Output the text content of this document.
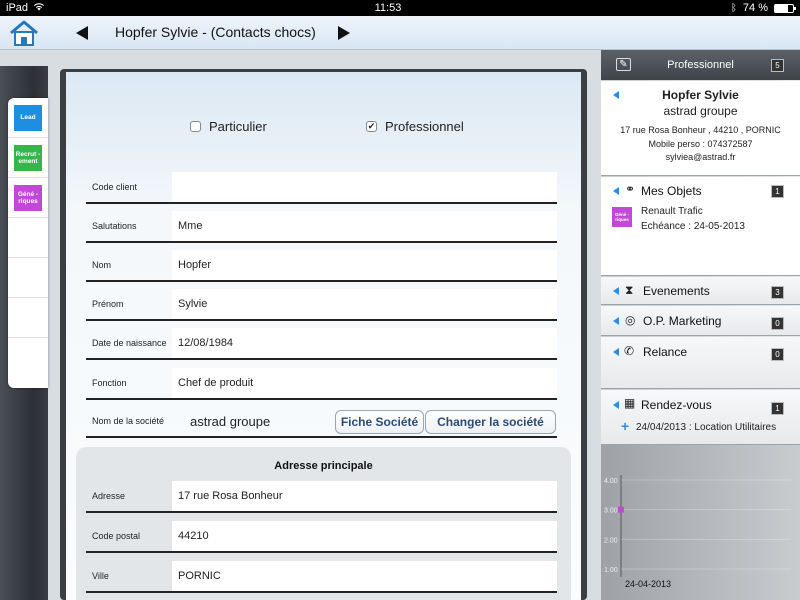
iPad	11:53	ᛒ 74 %
Hopfer Sylvie - (Contacts chocs)
Lead
Recrut - ement
Géné - riques
Particulier	✔ Professionnel
Code client
Salutations	Mme
Nom	Hopfer
Prénom	Sylvie
Date de naissance	12/08/1984
Fonction	Chef de produit
Nom de la société	astrad groupe	Fiche Société	Changer la société
Adresse principale
Adresse	17 rue Rosa Bonheur
Code postal	44210
Ville	PORNIC
✎	Professionnel	5
Hopfer Sylvie
astrad groupe
17 rue Rosa Bonheur , 44210 , PORNIC
Mobile perso : 074372587
sylviea@astrad.fr
⚭ Mes Objets	1
Géné - riques
Renault Trafic
Echéance : 24-05-2013
⧗ Evenements	3
◎ O.P. Marketing	0
✆ Relance	0
▦ Rendez-vous	1
+ 24/04/2013 : Location Utilitaires
4.00
3.00
2.00
1.00
24-04-2013
